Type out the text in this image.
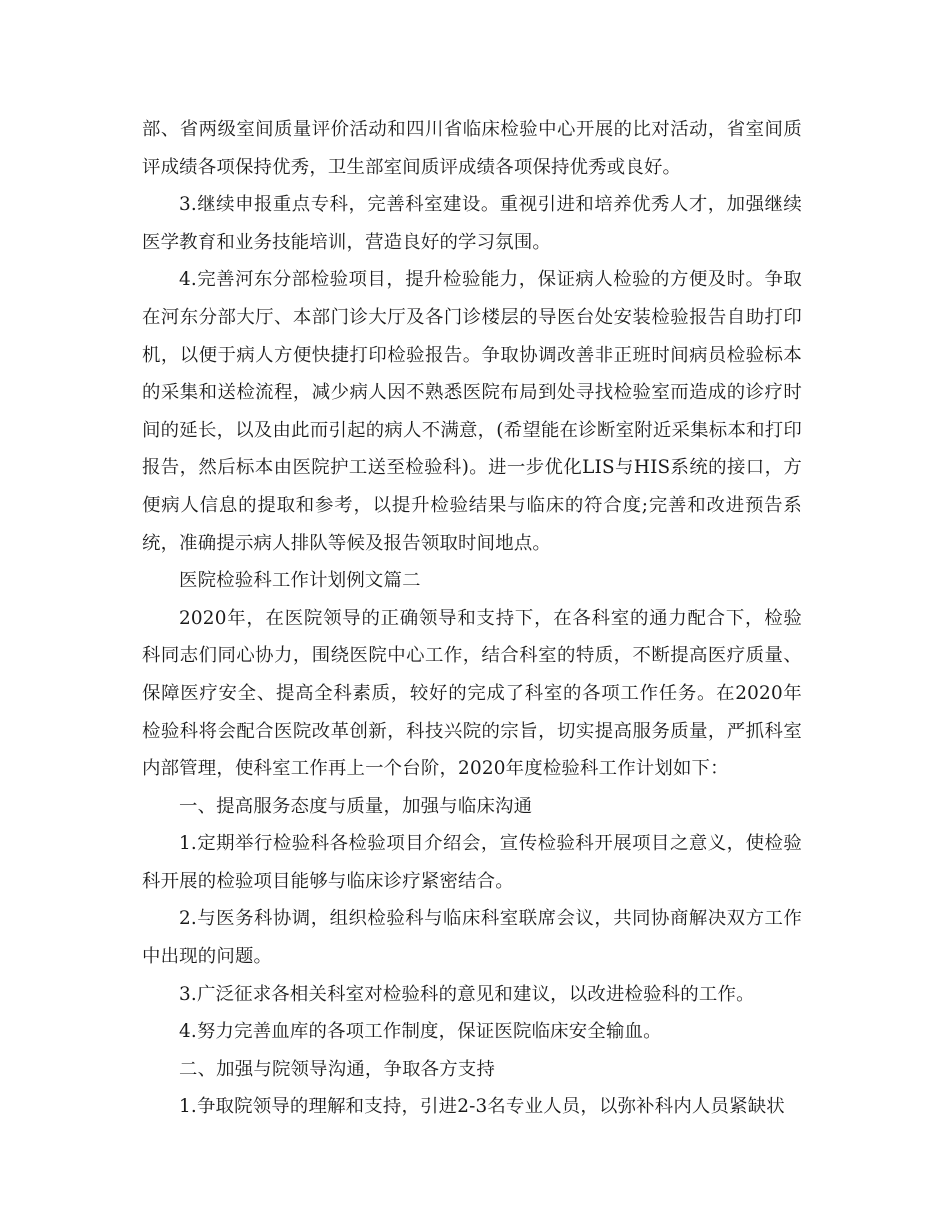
部、省两级室间质量评价活动和四川省临床检验中心开展的比对活动，省室间质评成绩各项保持优秀，卫生部室间质评成绩各项保持优秀或良好。

3.继续申报重点专科，完善科室建设。重视引进和培养优秀人才，加强继续医学教育和业务技能培训，营造良好的学习氛围。

4.完善河东分部检验项目，提升检验能力，保证病人检验的方便及时。争取在河东分部大厅、本部门诊大厅及各门诊楼层的导医台处安装检验报告自助打印机，以便于病人方便快捷打印检验报告。争取协调改善非正班时间病员检验标本的采集和送检流程，减少病人因不熟悉医院布局到处寻找检验室而造成的诊疗时间的延长，以及由此而引起的病人不满意，(希望能在诊断室附近采集标本和打印报告，然后标本由医院护工送至检验科)。进一步优化LIS与HIS系统的接口，方便病人信息的提取和参考，以提升检验结果与临床的符合度;完善和改进预告系统，准确提示病人排队等候及报告领取时间地点。

医院检验科工作计划例文篇二

2020年，在医院领导的正确领导和支持下，在各科室的通力配合下，检验科同志们同心协力，围绕医院中心工作，结合科室的特质，不断提高医疗质量、保障医疗安全、提高全科素质，较好的完成了科室的各项工作任务。在2020年检验科将会配合医院改革创新，科技兴院的宗旨，切实提高服务质量，严抓科室内部管理，使科室工作再上一个台阶，2020年度检验科工作计划如下：

一、提高服务态度与质量，加强与临床沟通

1.定期举行检验科各检验项目介绍会，宣传检验科开展项目之意义，使检验科开展的检验项目能够与临床诊疗紧密结合。

2.与医务科协调，组织检验科与临床科室联席会议，共同协商解决双方工作中出现的问题。

3.广泛征求各相关科室对检验科的意见和建议，以改进检验科的工作。

4.努力完善血库的各项工作制度，保证医院临床安全输血。

二、加强与院领导沟通，争取各方支持

1.争取院领导的理解和支持，引进2-3名专业人员，以弥补科内人员紧缺状
